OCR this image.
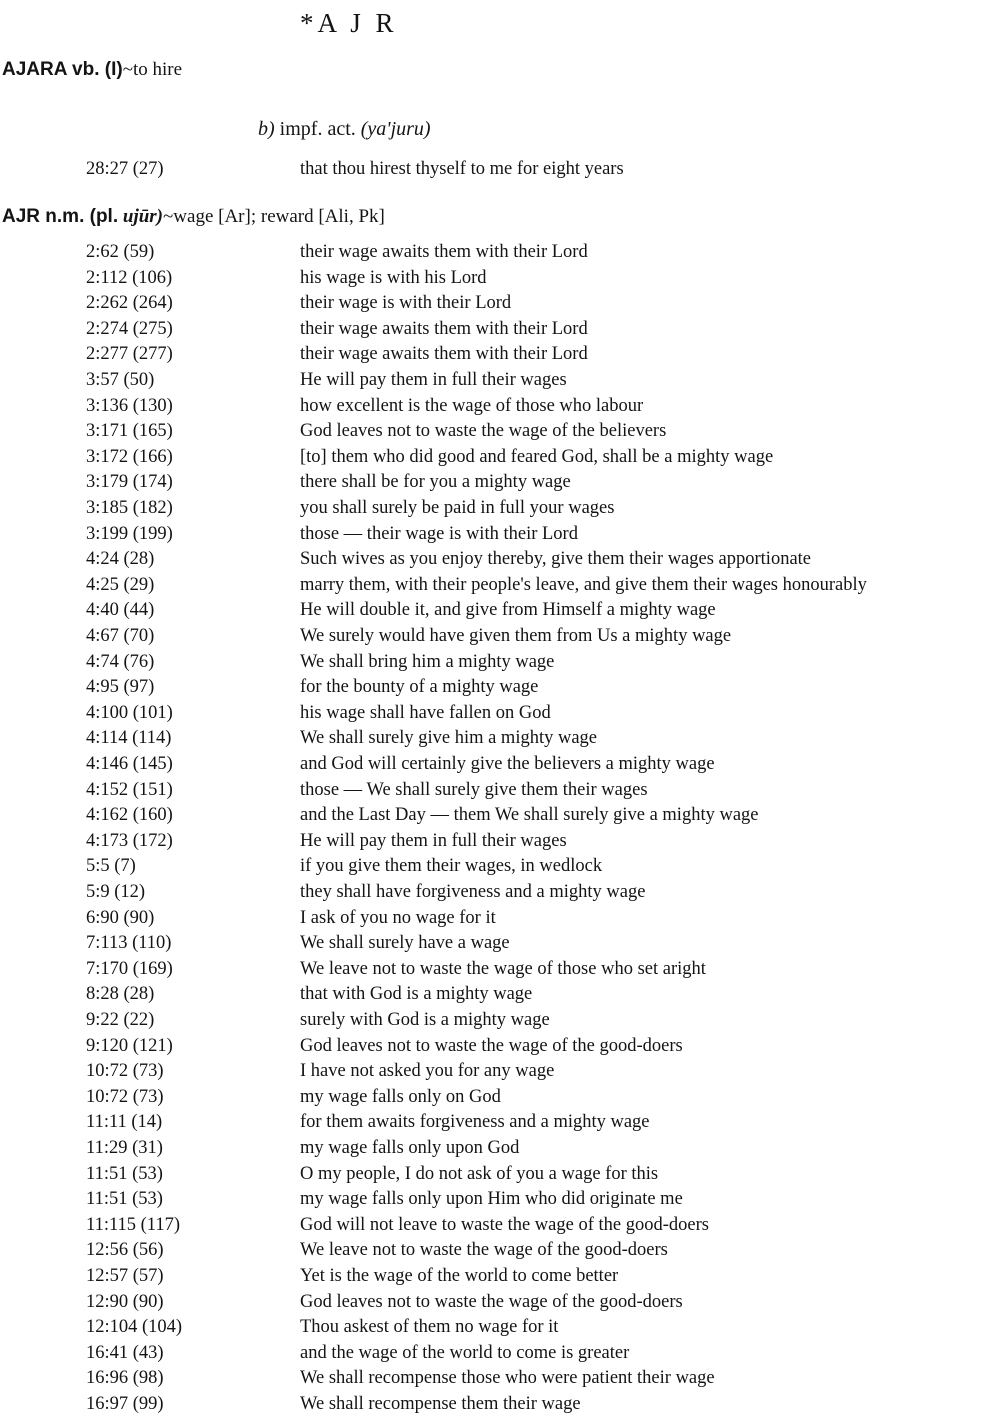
*A J R
AJARA vb. (I)~to hire
b) impf. act. (ya'juru)
28:27 (27)	that thou hirest thyself to me for eight years
AJR n.m. (pl. ujūr)~wage [Ar]; reward [Ali, Pk]
2:62 (59)	their wage awaits them with their Lord
2:112 (106)	his wage is with his Lord
2:262 (264)	their wage is with their Lord
2:274 (275)	their wage awaits them with their Lord
2:277 (277)	their wage awaits them with their Lord
3:57 (50)	He will pay them in full their wages
3:136 (130)	how excellent is the wage of those who labour
3:171 (165)	God leaves not to waste the wage of the believers
3:172 (166)	[to] them who did good and feared God, shall be a mighty wage
3:179 (174)	there shall be for you a mighty wage
3:185 (182)	you shall surely be paid in full your wages
3:199 (199)	those — their wage is with their Lord
4:24 (28)	Such wives as you enjoy thereby, give them their wages apportionate
4:25 (29)	marry them, with their people's leave, and give them their wages honourably
4:40 (44)	He will double it, and give from Himself a mighty wage
4:67 (70)	We surely would have given them from Us a mighty wage
4:74 (76)	We shall bring him a mighty wage
4:95 (97)	for the bounty of a mighty wage
4:100 (101)	his wage shall have fallen on God
4:114 (114)	We shall surely give him a mighty wage
4:146 (145)	and God will certainly give the believers a mighty wage
4:152 (151)	those — We shall surely give them their wages
4:162 (160)	and the Last Day — them We shall surely give a mighty wage
4:173 (172)	He will pay them in full their wages
5:5 (7)	if you give them their wages, in wedlock
5:9 (12)	they shall have forgiveness and a mighty wage
6:90 (90)	I ask of you no wage for it
7:113 (110)	We shall surely have a wage
7:170 (169)	We leave not to waste the wage of those who set aright
8:28 (28)	that with God is a mighty wage
9:22 (22)	surely with God is a mighty wage
9:120 (121)	God leaves not to waste the wage of the good-doers
10:72 (73)	I have not asked you for any wage
10:72 (73)	my wage falls only on God
11:11 (14)	for them awaits forgiveness and a mighty wage
11:29 (31)	my wage falls only upon God
11:51 (53)	O my people, I do not ask of you a wage for this
11:51 (53)	my wage falls only upon Him who did originate me
11:115 (117)	God will not leave to waste the wage of the good-doers
12:56 (56)	We leave not to waste the wage of the good-doers
12:57 (57)	Yet is the wage of the world to come better
12:90 (90)	God leaves not to waste the wage of the good-doers
12:104 (104)	Thou askest of them no wage for it
16:41 (43)	and the wage of the world to come is greater
16:96 (98)	We shall recompense those who were patient their wage
16:97 (99)	We shall recompense them their wage
